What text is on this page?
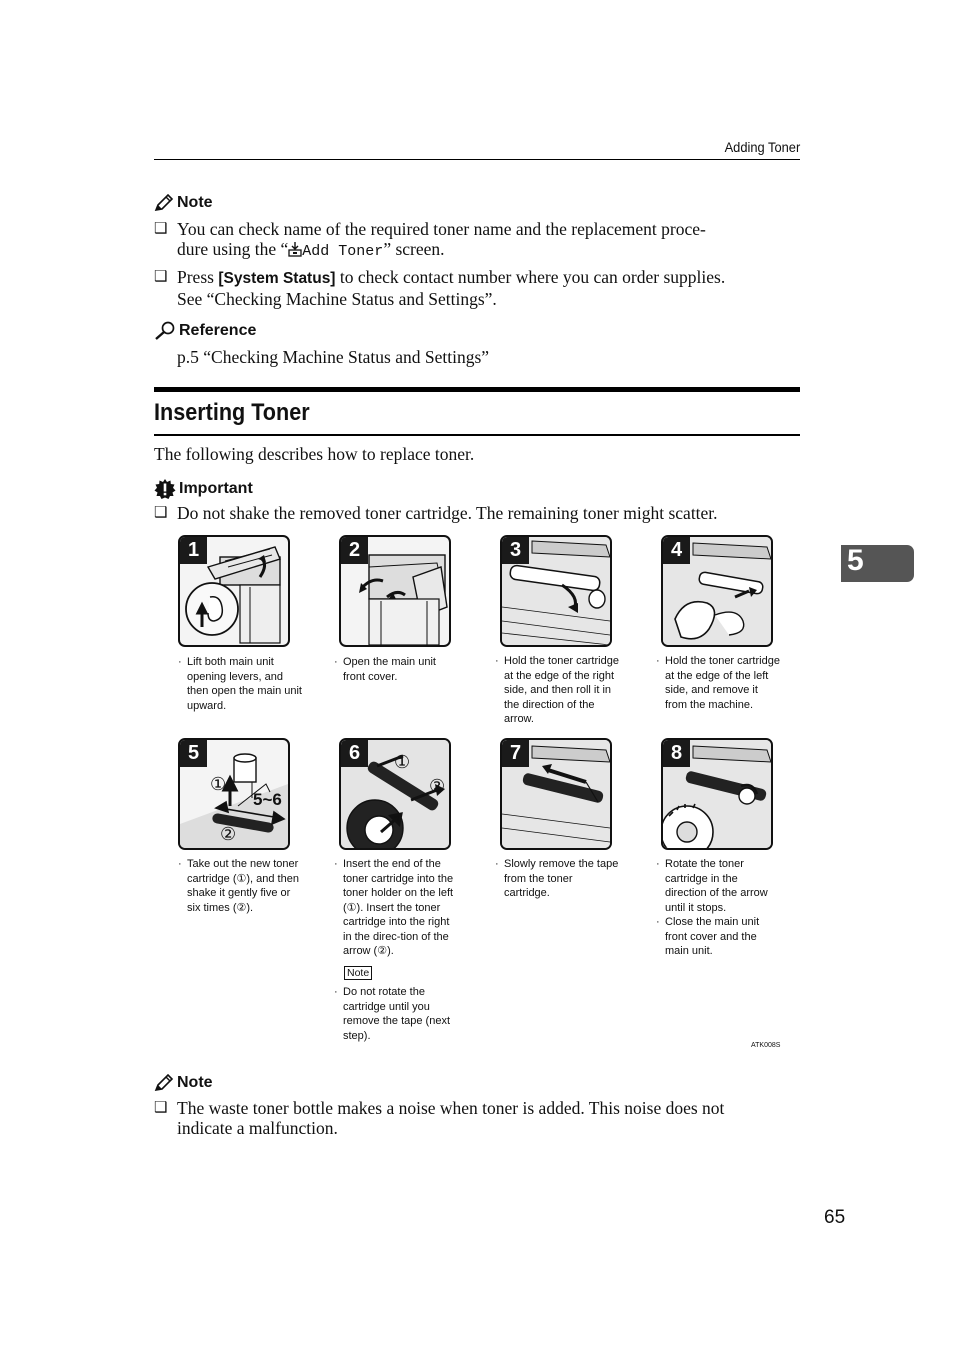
Adding Toner
Note
❑ You can check name of the required toner name and the replacement proce-
dure using the “ Add Toner” screen.
❑ Press [System Status] to check contact number where you can order supplies.
See “Checking Machine Status and Settings”.
Reference
p.5 “Checking Machine Status and Settings”
Inserting Toner
The following describes how to replace toner.
Important
❑ Do not shake the removed toner cartridge. The remaining toner might scatter.
5
1
· Lift both main unit opening levers, and then open the main unit upward.
2
· Open the main unit front cover.
3
· Hold the toner cartridge at the edge of the right side, and then roll it in the direction of the arrow.
4
· Hold the toner cartridge at the edge of the left side, and remove it from the machine.
5
①
②
5~6
· Take out the new toner cartridge (①), and then shake it gently five or six times (②).
6	①
②
· Insert the end of the toner cartridge into the toner holder on the left (①). Insert the toner cartridge into the right in the direc-tion of the arrow (②).
Note
· Do not rotate the cartridge until you remove the tape (next step).
7
· Slowly remove the tape from the toner cartridge.
8
· Rotate the toner cartridge in the direction of the arrow until it stops.
· Close the main unit front cover and the main unit.
ATK008S
Note
❑ The waste toner bottle makes a noise when toner is added. This noise does not
indicate a malfunction.
65
